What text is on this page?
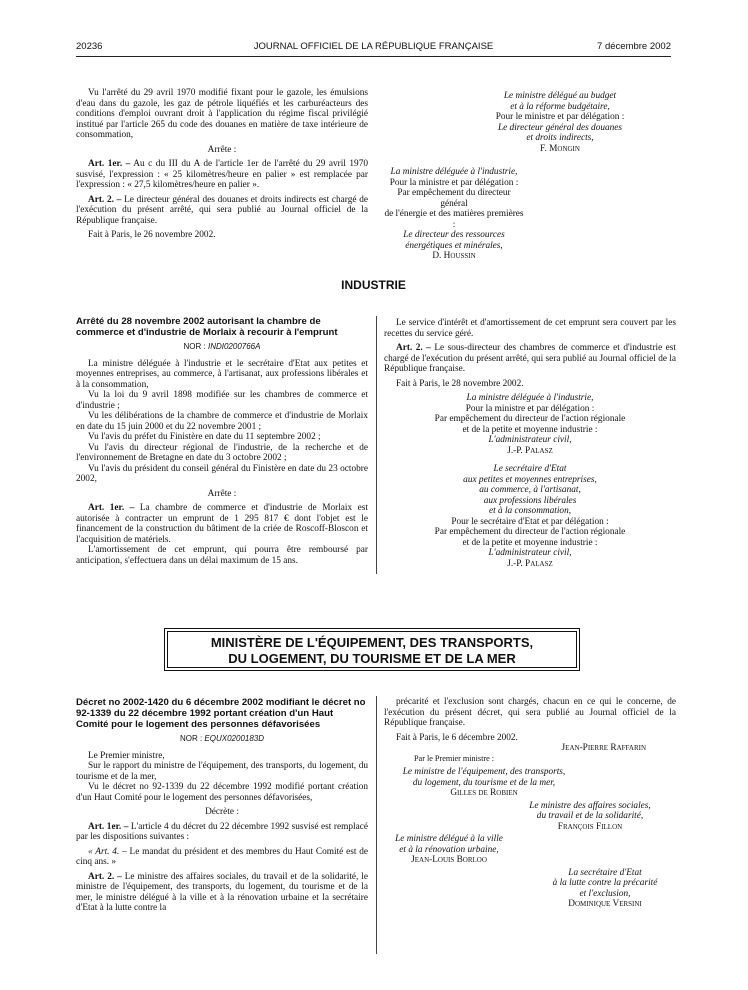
20236	JOURNAL OFFICIEL DE LA RÉPUBLIQUE FRANÇAISE	7 décembre 2002

Vu l'arrêté du 29 avril 1970 modifié fixant pour le gazole, les émulsions d'eau dans du gazole, les gaz de pétrole liquéfiés et les carburéacteurs des conditions d'emploi ouvrant droit à l'application du régime fiscal privilégié institué par l'article 265 du code des douanes en matière de taxe intérieure de consommation,

Arrête :

Art. 1er. – Au c du III du A de l'article 1er de l'arrêté du 29 avril 1970 susvisé, l'expression : « 25 kilomètres/heure en palier » est remplacée par l'expression : « 27,5 kilomètres/heure en palier ».

Art. 2. – Le directeur général des douanes et droits indirects est chargé de l'exécution du présent arrêté, qui sera publié au Journal officiel de la République française.

Fait à Paris, le 26 novembre 2002.

Le ministre délégué au budget
et à la réforme budgétaire,
Pour le ministre et par délégation :
Le directeur général des douanes
et droits indirects,
F. Mongin
La ministre déléguée à l'industrie,
Pour la ministre et par délégation :
Par empêchement du directeur général
de l'énergie et des matières premières :
Le directeur des ressources
énergétiques et minérales,
D. Houssin
INDUSTRIE

Arrêté du 28 novembre 2002 autorisant la chambre de commerce et d'industrie de Morlaix à recourir à l'emprunt

NOR : INDI0200766A

La ministre déléguée à l'industrie et le secrétaire d'Etat aux petites et moyennes entreprises, au commerce, à l'artisanat, aux professions libérales et à la consommation,

Vu la loi du 9 avril 1898 modifiée sur les chambres de commerce et d'industrie ;

Vu les délibérations de la chambre de commerce et d'industrie de Morlaix en date du 15 juin 2000 et du 22 novembre 2001 ;

Vu l'avis du préfet du Finistère en date du 11 septembre 2002 ;

Vu l'avis du directeur régional de l'industrie, de la recherche et de l'environnement de Bretagne en date du 3 octobre 2002 ;

Vu l'avis du président du conseil général du Finistère en date du 23 octobre 2002,

Arrête :

Art. 1er. – La chambre de commerce et d'industrie de Morlaix est autorisée à contracter un emprunt de 1 295 817 € dont l'objet est le financement de la construction du bâtiment de la criée de Roscoff-Bloscon et l'acquisition de matériels.

L'amortissement de cet emprunt, qui pourra être remboursé par anticipation, s'effectuera dans un délai maximum de 15 ans.

Le service d'intérêt et d'amortissement de cet emprunt sera couvert par les recettes du service géré.

Art. 2. – Le sous-directeur des chambres de commerce et d'industrie est chargé de l'exécution du présent arrêté, qui sera publié au Journal officiel de la République française.

Fait à Paris, le 28 novembre 2002.

La ministre déléguée à l'industrie,
Pour la ministre et par délégation :
Par empêchement du directeur de l'action régionale
et de la petite et moyenne industrie :
L'administrateur civil,
J.-P. Palasz
Le secrétaire d'Etat
aux petites et moyennes entreprises,
au commerce, à l'artisanat,
aux professions libérales
et à la consommation,
Pour le secrétaire d'Etat et par délégation :
Par empêchement du directeur de l'action régionale
et de la petite et moyenne industrie :
L'administrateur civil,
J.-P. Palasz
MINISTÈRE DE L'ÉQUIPEMENT, DES TRANSPORTS,
DU LOGEMENT, DU TOURISME ET DE LA MER

Décret no 2002-1420 du 6 décembre 2002 modifiant le décret no 92-1339 du 22 décembre 1992 portant création d'un Haut Comité pour le logement des personnes défavorisées

NOR : EQUX0200183D

Le Premier ministre,

Sur le rapport du ministre de l'équipement, des transports, du logement, du tourisme et de la mer,

Vu le décret no 92-1339 du 22 décembre 1992 modifié portant création d'un Haut Comité pour le logement des personnes défavorisées,

Décrète :

Art. 1er. – L'article 4 du décret du 22 décembre 1992 susvisé est remplacé par les dispositions suivantes :

« Art. 4. – Le mandat du président et des membres du Haut Comité est de cinq ans. »

Art. 2. – Le ministre des affaires sociales, du travail et de la solidarité, le ministre de l'équipement, des transports, du logement, du tourisme et de la mer, le ministre délégué à la ville et à la rénovation urbaine et la secrétaire d'Etat à la lutte contre la

précarité et l'exclusion sont chargés, chacun en ce qui le concerne, de l'exécution du présent décret, qui sera publié au Journal officiel de la République française.

Fait à Paris, le 6 décembre 2002.

Jean-Pierre Raffarin
Par le Premier ministre :
Le ministre de l'équipement, des transports,
du logement, du tourisme et de la mer,
Gilles de Robien
Le ministre des affaires sociales,
du travail et de la solidarité,
François Fillon
Le ministre délégué à la ville
et à la rénovation urbaine,
Jean-Louis Borloo
La secrétaire d'Etat
à la lutte contre la précarité
et l'exclusion,
Dominique Versini
